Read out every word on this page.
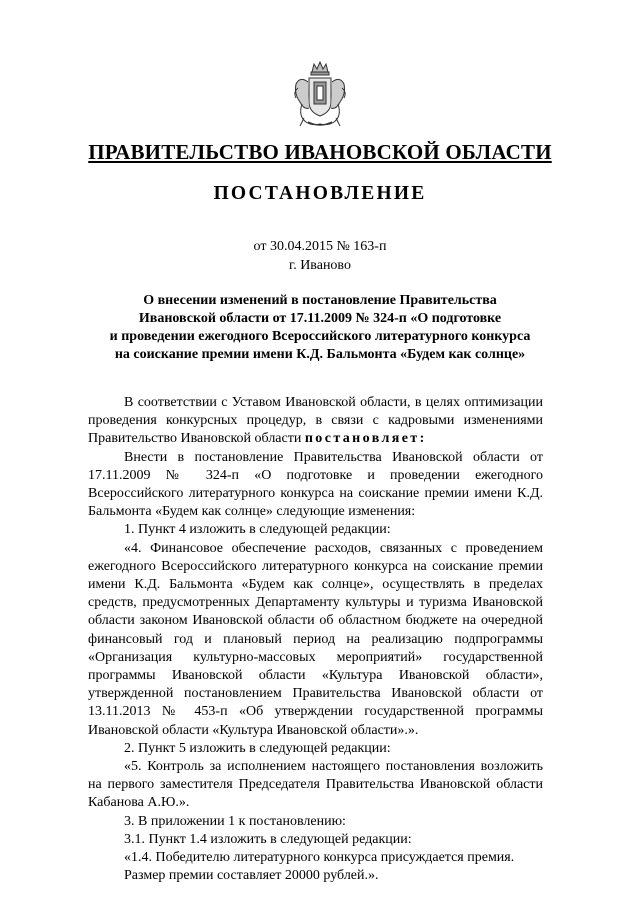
ПРАВИТЕЛЬСТВО ИВАНОВСКОЙ ОБЛАСТИ
ПОСТАНОВЛЕНИЕ
от 30.04.2015 № 163-п
г. Иваново
О внесении изменений в постановление Правительства
Ивановской области от 17.11.2009 № 324-п «О подготовке
и проведении ежегодного Всероссийского литературного конкурса
на соискание премии имени К.Д. Бальмонта «Будем как солнце»

В соответствии с Уставом Ивановской области, в целях оптимизации проведения конкурсных процедур, в связи с кадровыми изменениями Правительство Ивановской области постановляет:

Внести в постановление Правительства Ивановской области от 17.11.2009 № 324-п «О подготовке и проведении ежегодного Всероссийского литературного конкурса на соискание премии имени К.Д. Бальмонта «Будем как солнце» следующие изменения:

1. Пункт 4 изложить в следующей редакции:

«4. Финансовое обеспечение расходов, связанных с проведением ежегодного Всероссийского литературного конкурса на соискание премии имени К.Д. Бальмонта «Будем как солнце», осуществлять в пределах средств, предусмотренных Департаменту культуры и туризма Ивановской области законом Ивановской области об областном бюджете на очередной финансовый год и плановый период на реализацию подпрограммы «Организация культурно-массовых мероприятий» государственной программы Ивановской области «Культура Ивановской области», утвержденной постановлением Правительства Ивановской области от 13.11.2013 № 453-п «Об утверждении государственной программы Ивановской области «Культура Ивановской области».».

2. Пункт 5 изложить в следующей редакции:

«5. Контроль за исполнением настоящего постановления возложить на первого заместителя Председателя Правительства Ивановской области Кабанова А.Ю.».

3. В приложении 1 к постановлению:

3.1. Пункт 1.4 изложить в следующей редакции:

«1.4. Победителю литературного конкурса присуждается премия.

Размер премии составляет 20000 рублей.».
